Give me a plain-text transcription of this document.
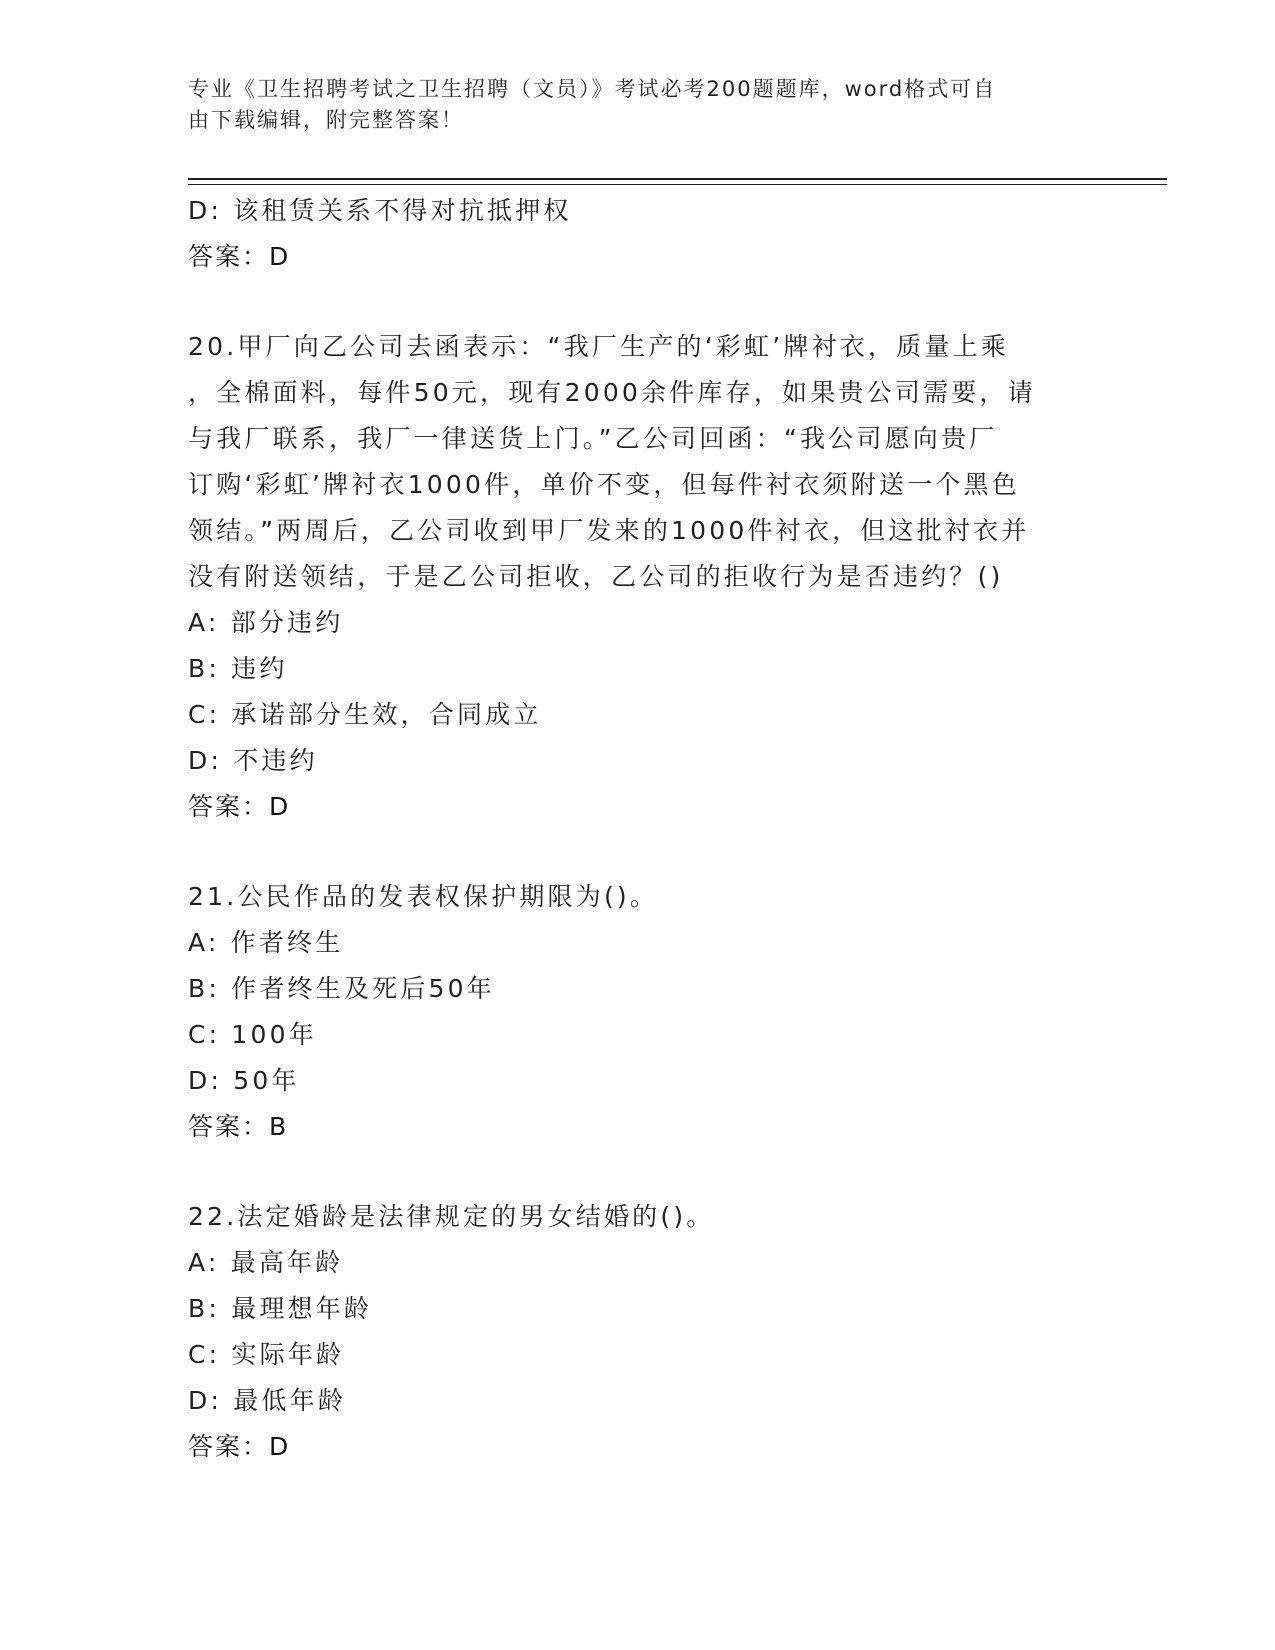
专业《卫生招聘考试之卫生招聘（文员）》考试必考200题题库，word格式可自
由下载编辑，附完整答案！
D: 该租赁关系不得对抗抵押权
答案：D
20.甲厂向乙公司去函表示：“我厂生产的‘彩虹’牌衬衣，质量上乘
，全棉面料，每件50元，现有2000余件库存，如果贵公司需要，请
与我厂联系，我厂一律送货上门。”乙公司回函：“我公司愿向贵厂
订购‘彩虹’牌衬衣1000件，单价不变，但每件衬衣须附送一个黑色
领结。”两周后，乙公司收到甲厂发来的1000件衬衣，但这批衬衣并
没有附送领结，于是乙公司拒收，乙公司的拒收行为是否违约？()
A: 部分违约
B: 违约
C: 承诺部分生效，合同成立
D: 不违约
答案：D
21.公民作品的发表权保护期限为()。
A: 作者终生
B: 作者终生及死后50年
C: 100年
D: 50年
答案：B
22.法定婚龄是法律规定的男女结婚的()。
A: 最高年龄
B: 最理想年龄
C: 实际年龄
D: 最低年龄
答案：D
